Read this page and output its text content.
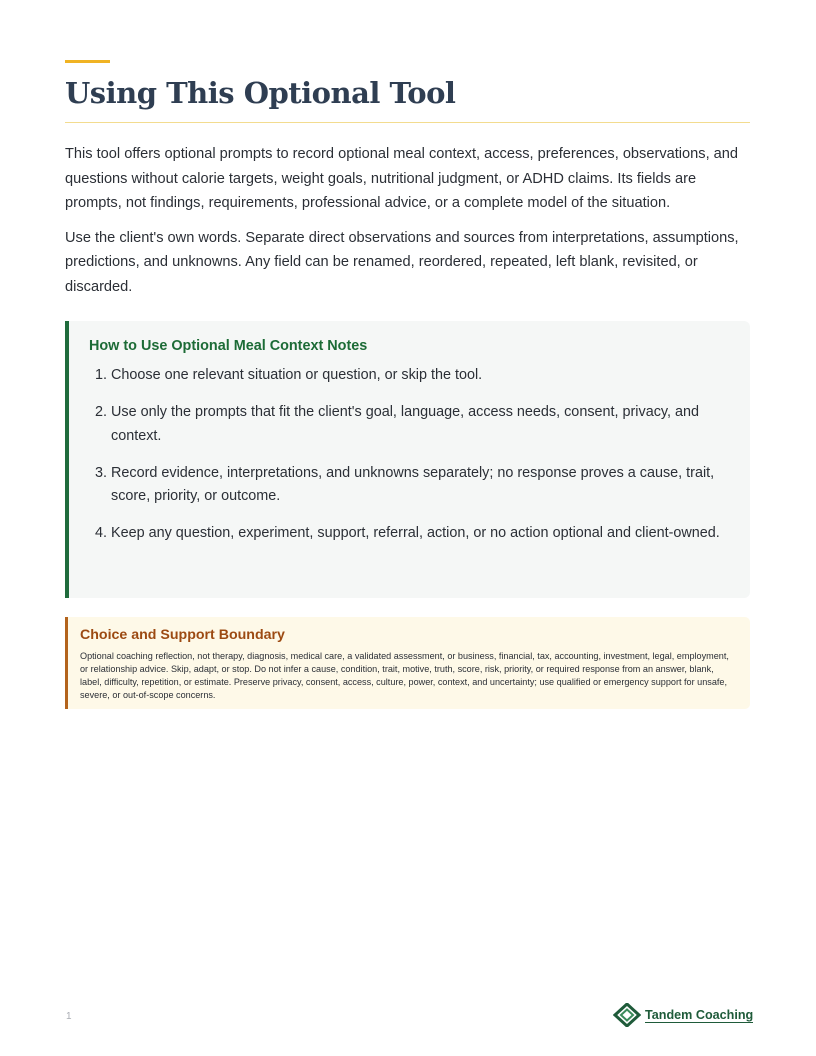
Using This Optional Tool

This tool offers optional prompts to record optional meal context, access, preferences, observations, and questions without calorie targets, weight goals, nutritional judgment, or ADHD claims. Its fields are prompts, not findings, requirements, professional advice, or a complete model of the situation.

Use the client's own words. Separate direct observations and sources from interpretations, assumptions, predictions, and unknowns. Any field can be renamed, reordered, repeated, left blank, revisited, or discarded.

How to Use Optional Meal Context Notes
1. Choose one relevant situation or question, or skip the tool.
2. Use only the prompts that fit the client's goal, language, access needs, consent, privacy, and context.
3. Record evidence, interpretations, and unknowns separately; no response proves a cause, trait, score, priority, or outcome.
4. Keep any question, experiment, support, referral, action, or no action optional and client-owned.
Choice and Support Boundary

Optional coaching reflection, not therapy, diagnosis, medical care, a validated assessment, or business, financial, tax, accounting, investment, legal, employment, or relationship advice. Skip, adapt, or stop. Do not infer a cause, condition, trait, motive, truth, score, risk, priority, or required response from an answer, blank, label, difficulty, repetition, or estimate. Preserve privacy, consent, access, culture, power, context, and uncertainty; use qualified or emergency support for unsafe, severe, or out-of-scope concerns.

1	Tandem Coaching
